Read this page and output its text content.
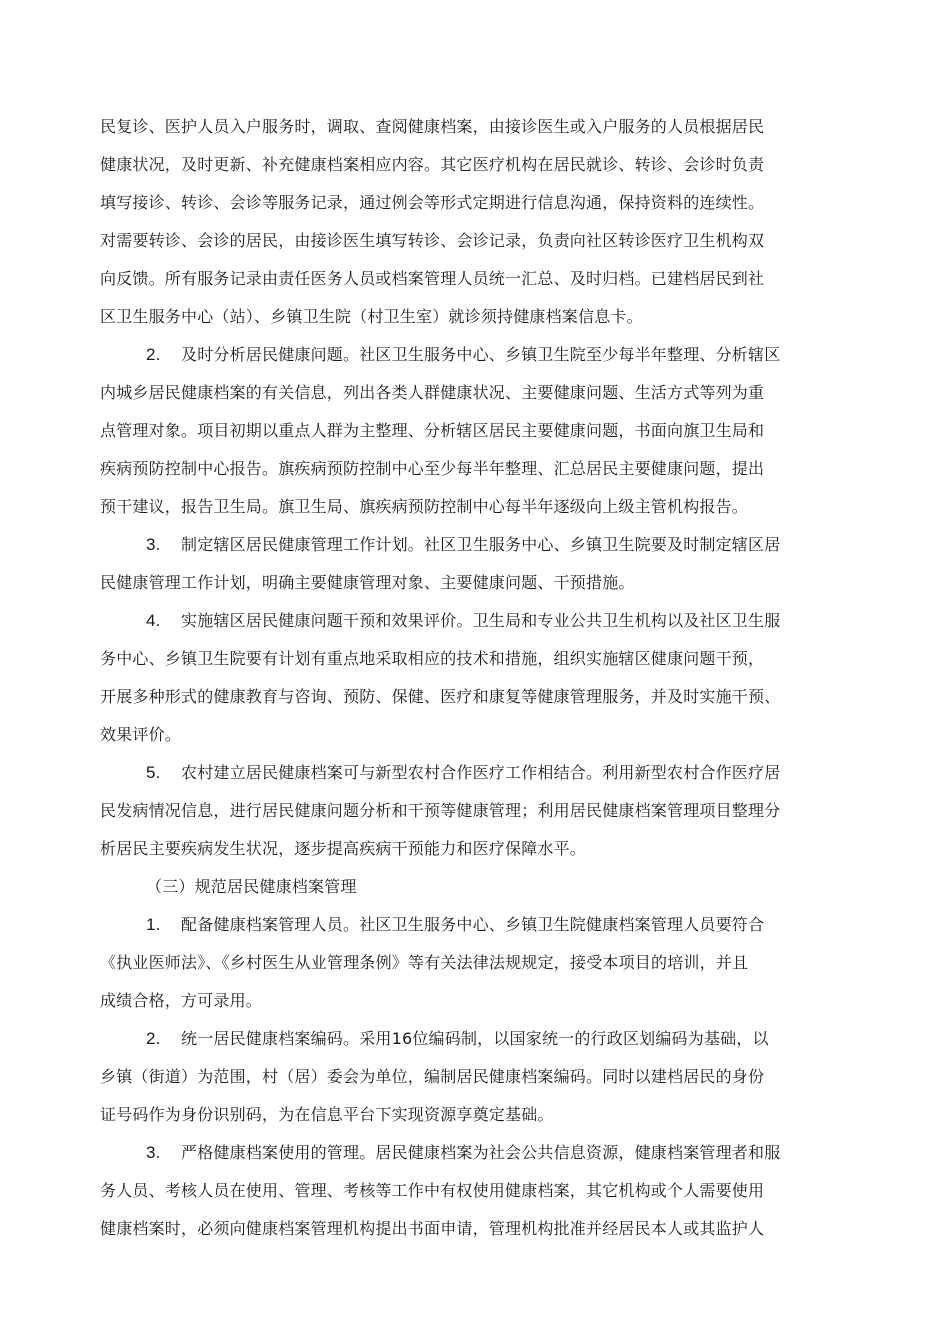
民复诊、医护人员入户服务时，调取、查阅健康档案，由接诊医生或入户服务的人员根据居民
健康状况，及时更新、补充健康档案相应内容。其它医疗机构在居民就诊、转诊、会诊时负责
填写接诊、转诊、会诊等服务记录，通过例会等形式定期进行信息沟通，保持资料的连续性。
对需要转诊、会诊的居民，由接诊医生填写转诊、会诊记录，负责向社区转诊医疗卫生机构双
向反馈。所有服务记录由责任医务人员或档案管理人员统一汇总、及时归档。已建档居民到社
区卫生服务中心（站）、乡镇卫生院（村卫生室）就诊须持健康档案信息卡。
2. 及时分析居民健康问题。社区卫生服务中心、乡镇卫生院至少每半年整理、分析辖区
内城乡居民健康档案的有关信息，列出各类人群健康状况、主要健康问题、生活方式等列为重
点管理对象。项目初期以重点人群为主整理、分析辖区居民主要健康问题，书面向旗卫生局和
疾病预防控制中心报告。旗疾病预防控制中心至少每半年整理、汇总居民主要健康问题，提出
预干建议，报告卫生局。旗卫生局、旗疾病预防控制中心每半年逐级向上级主管机构报告。
3. 制定辖区居民健康管理工作计划。社区卫生服务中心、乡镇卫生院要及时制定辖区居
民健康管理工作计划，明确主要健康管理对象、主要健康问题、干预措施。
4. 实施辖区居民健康问题干预和效果评价。卫生局和专业公共卫生机构以及社区卫生服
务中心、乡镇卫生院要有计划有重点地采取相应的技术和措施，组织实施辖区健康问题干预，
开展多种形式的健康教育与咨询、预防、保健、医疗和康复等健康管理服务，并及时实施干预、
效果评价。
5. 农村建立居民健康档案可与新型农村合作医疗工作相结合。利用新型农村合作医疗居
民发病情况信息，进行居民健康问题分析和干预等健康管理；利用居民健康档案管理项目整理分
析居民主要疾病发生状况，逐步提高疾病干预能力和医疗保障水平。
（三）规范居民健康档案管理
1. 配备健康档案管理人员。社区卫生服务中心、乡镇卫生院健康档案管理人员要符合
《执业医师法》、《乡村医生从业管理条例》等有关法律法规规定，接受本项目的培训，并且
成绩合格，方可录用。
2. 统一居民健康档案编码。采用16位编码制，以国家统一的行政区划编码为基础，以
乡镇（街道）为范围，村（居）委会为单位，编制居民健康档案编码。同时以建档居民的身份
证号码作为身份识别码，为在信息平台下实现资源享奠定基础。
3. 严格健康档案使用的管理。居民健康档案为社会公共信息资源，健康档案管理者和服
务人员、考核人员在使用、管理、考核等工作中有权使用健康档案，其它机构或个人需要使用
健康档案时，必须向健康档案管理机构提出书面申请，管理机构批准并经居民本人或其监护人
